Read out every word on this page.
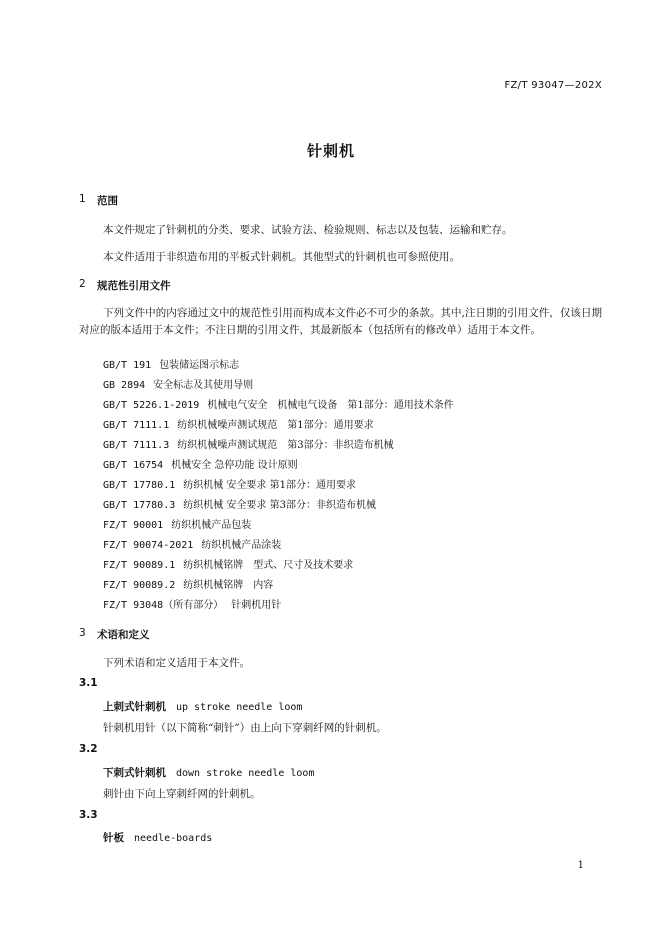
FZ/T 93047—202X
针刺机
1 范围
本文件规定了针刺机的分类、要求、试验方法、检验规则、标志以及包装、运输和贮存。
本文件适用于非织造布用的平板式针刺机。其他型式的针刺机也可参照使用。
2 规范性引用文件
下列文件中的内容通过文中的规范性引用而构成本文件必不可少的条款。其中,注日期的引用文件，仅该日期对应的版本适用于本文件；不注日期的引用文件，其最新版本（包括所有的修改单）适用于本文件。
GB/T 191 包装储运图示标志
GB 2894 安全标志及其使用导则
GB/T 5226.1-2019 机械电气安全　机械电气设备　第1部分：通用技术条件
GB/T 7111.1 纺织机械噪声测试规范　第1部分：通用要求
GB/T 7111.3 纺织机械噪声测试规范　第3部分：非织造布机械
GB/T 16754 机械安全 急停功能 设计原则
GB/T 17780.1 纺织机械 安全要求 第1部分：通用要求
GB/T 17780.3 纺织机械 安全要求 第3部分：非织造布机械
FZ/T 90001 纺织机械产品包装
FZ/T 90074-2021 纺织机械产品涂装
FZ/T 90089.1 纺织机械铭牌　型式、尺寸及技术要求
FZ/T 90089.2 纺织机械铭牌　内容
FZ/T 93048（所有部分） 针刺机用针
3 术语和定义
下列术语和定义适用于本文件。
3.1
上刺式针刺机 up stroke needle loom
针刺机用针（以下简称“刺针”）由上向下穿刺纤网的针刺机。
3.2
下刺式针刺机 down stroke needle loom
刺针由下向上穿刺纤网的针刺机。
3.3
针板 needle-boards
1
